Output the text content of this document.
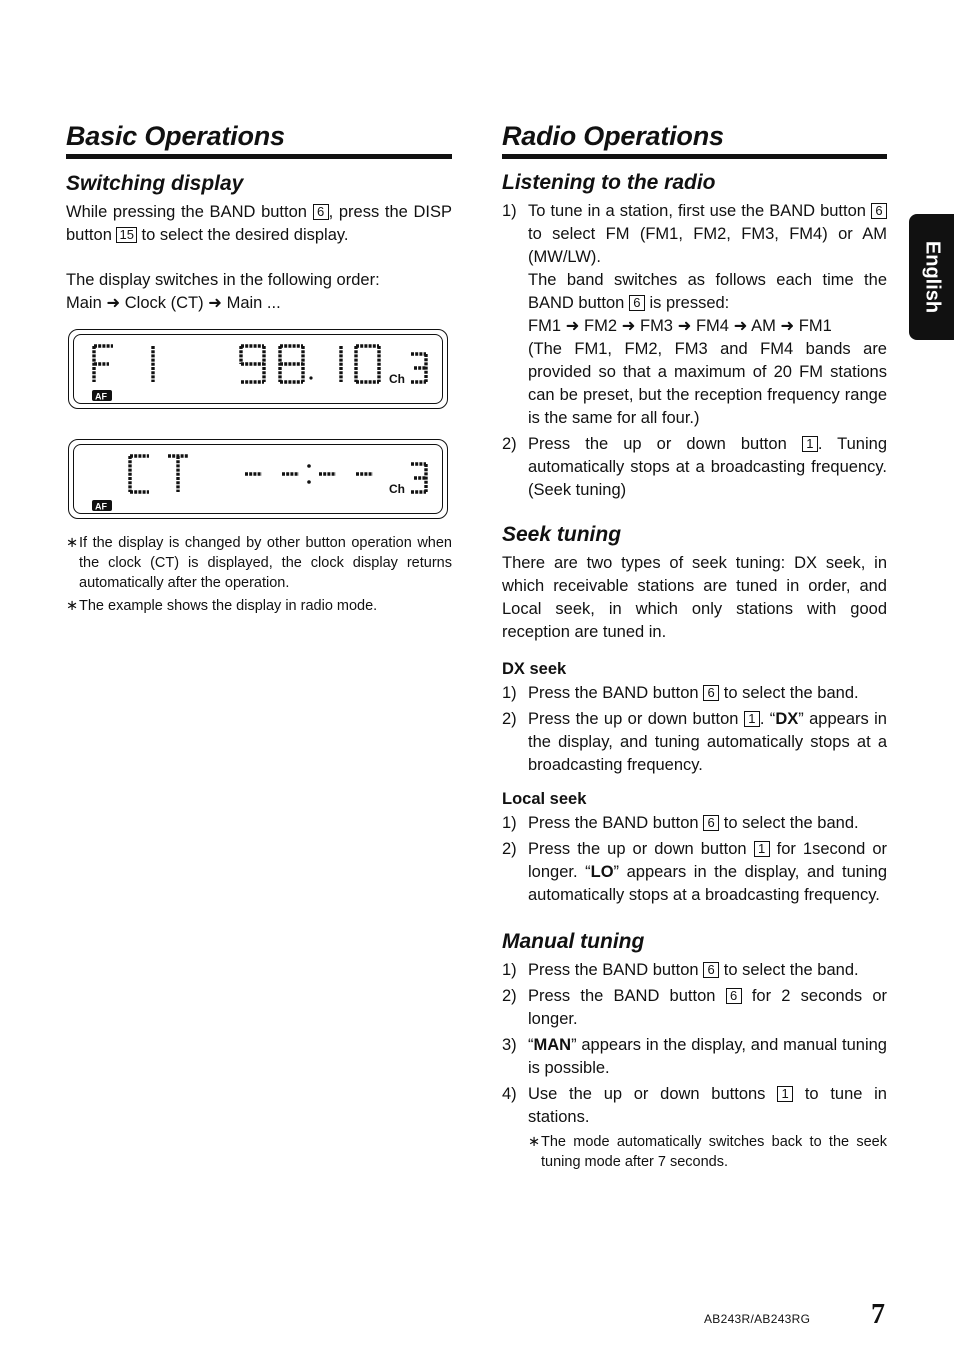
English
Basic Operations
Switching display

While pressing the BAND button 6 , press the DISP button 15 to select the desired display.

The display switches in the following order:

Main ➜ Clock (CT) ➜ Main ...

Ch
AF
Ch
AF
∗ If the display is changed by other button operation when the clock (CT) is displayed, the clock display returns automatically after the operation.
∗ The example shows the display in radio mode.
Radio Operations
Listening to the radio
1) To tune in a station, first use the BAND button 6 to select FM (FM1, FM2, FM3, FM4) or AM (MW/LW).
The band switches as follows each time the BAND button 6 is pressed:
FM1 ➜ FM2 ➜ FM3 ➜ FM4 ➜ AM ➜ FM1
(The FM1, FM2, FM3 and FM4 bands are provided so that a maximum of 20 FM stations can be preset, but the reception frequency range is the same for all four.)
2) Press the up or down button 1 . Tuning automatically stops at a broadcasting frequency. (Seek tuning)
Seek tuning

There are two types of seek tuning: DX seek, in which receivable stations are tuned in order, and Local seek, in which only stations with good reception are tuned in.

DX seek
1) Press the BAND button 6 to select the band.
2) Press the up or down button 1 . “DX” appears in the display, and tuning automatically stops at a broadcasting frequency.
Local seek
1) Press the BAND button 6 to select the band.
2) Press the up or down button 1 for 1second or longer. “LO” appears in the display, and tuning automatically stops at a broadcasting frequency.
Manual tuning
1) Press the BAND button 6 to select the band.
2) Press the BAND button 6 for 2 seconds or longer.
3) “MAN” appears in the display, and manual tuning is possible.
4) Use the up or down buttons 1 to tune in stations.
∗ The mode automatically switches back to the seek tuning mode after 7 seconds.
AB243R/AB243RG 7
